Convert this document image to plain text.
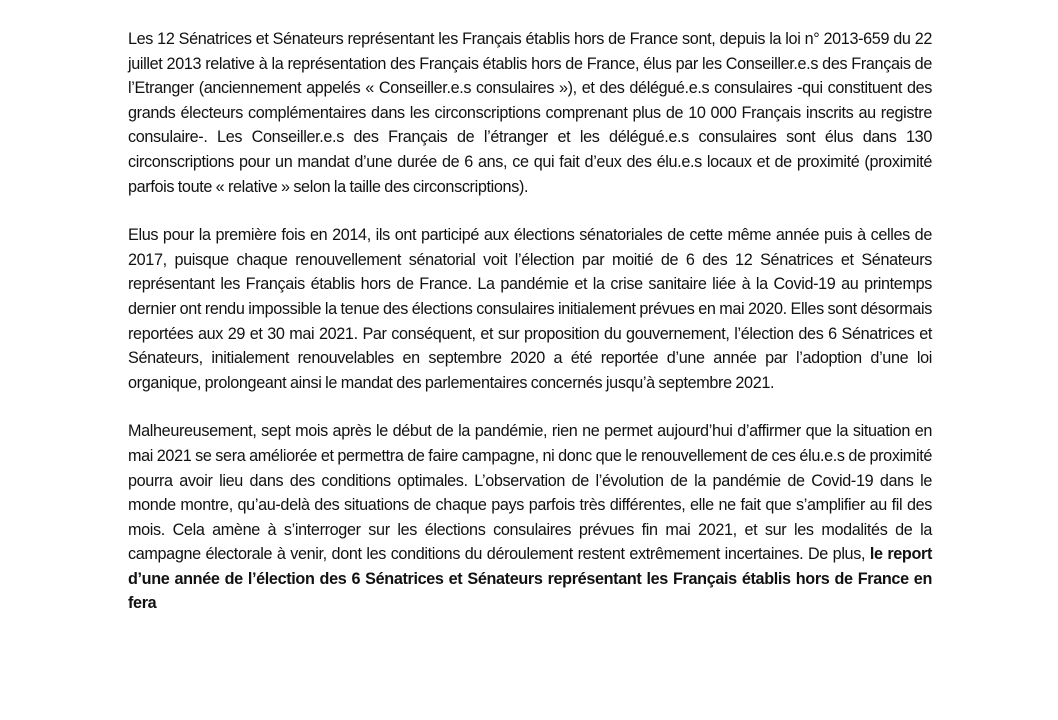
Les 12 Sénatrices et Sénateurs représentant les Français établis hors de France sont, depuis la loi n° 2013-659 du 22 juillet 2013 relative à la représentation des Français établis hors de France, élus par les Conseiller.e.s des Français de l’Etranger (anciennement appelés « Conseiller.e.s consulaires »), et des délégué.e.s consulaires -qui constituent des grands électeurs complémentaires dans les circonscriptions comprenant plus de 10 000 Français inscrits au registre consulaire-. Les Conseiller.e.s des Français de l’étranger et les délégué.e.s consulaires sont élus dans 130 circonscriptions pour un mandat d’une durée de 6 ans, ce qui fait d’eux des élu.e.s locaux et de proximité (proximité parfois toute « relative » selon la taille des circonscriptions).

Elus pour la première fois en 2014, ils ont participé aux élections sénatoriales de cette même année puis à celles de 2017, puisque chaque renouvellement sénatorial voit l’élection par moitié de 6 des 12 Sénatrices et Sénateurs représentant les Français établis hors de France. La pandémie et la crise sanitaire liée à la Covid-19 au printemps dernier ont rendu impossible la tenue des élections consulaires initialement prévues en mai 2020. Elles sont désormais reportées aux 29 et 30 mai 2021. Par conséquent, et sur proposition du gouvernement, l’élection des 6 Sénatrices et Sénateurs, initialement renouvelables en septembre 2020 a été reportée d’une année par l’adoption d’une loi organique, prolongeant ainsi le mandat des parlementaires concernés jusqu’à septembre 2021.

Malheureusement, sept mois après le début de la pandémie, rien ne permet aujourd’hui d’affirmer que la situation en mai 2021 se sera améliorée et permettra de faire campagne, ni donc que le renouvellement de ces élu.e.s de proximité pourra avoir lieu dans des conditions optimales. L’observation de l’évolution de la pandémie de Covid-19 dans le monde montre, qu’au-delà des situations de chaque pays parfois très différentes, elle ne fait que s’amplifier au fil des mois. Cela amène à s’interroger sur les élections consulaires prévues fin mai 2021, et sur les modalités de la campagne électorale à venir, dont les conditions du déroulement restent extrêmement incertaines. De plus, le report d’une année de l’élection des 6 Sénatrices et Sénateurs représentant les Français établis hors de France en fera
